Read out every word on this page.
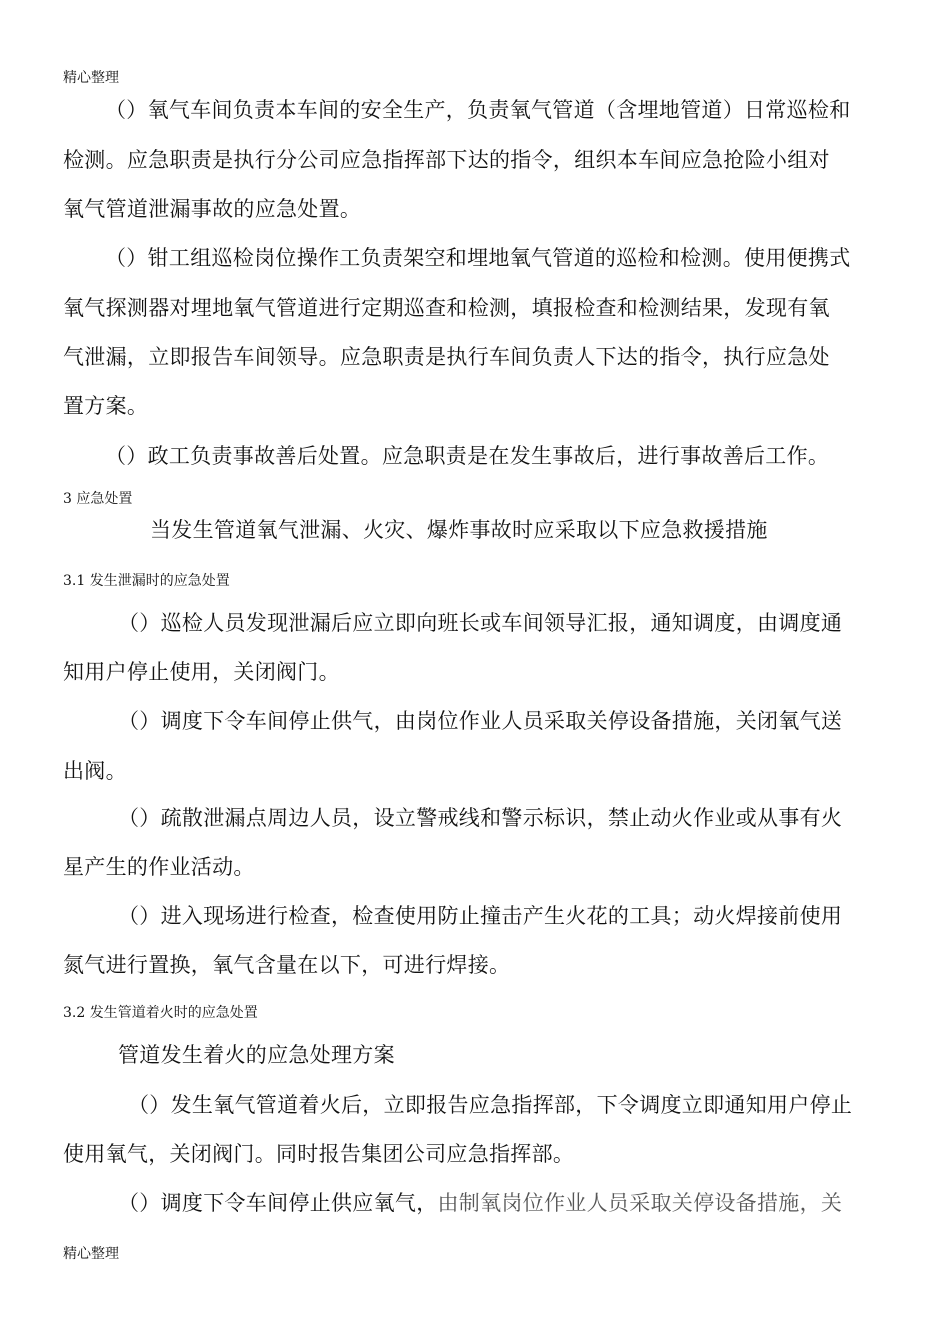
精心整理

（）氧气车间负责本车间的安全生产，负责氧气管道（含埋地管道）日常巡检和

检测。应急职责是执行分公司应急指挥部下达的指令，组织本车间应急抢险小组对

氧气管道泄漏事故的应急处置。

（）钳工组巡检岗位操作工负责架空和埋地氧气管道的巡检和检测。使用便携式

氧气探测器对埋地氧气管道进行定期巡查和检测，填报检查和检测结果，发现有氧

气泄漏，立即报告车间领导。应急职责是执行车间负责人下达的指令，执行应急处

置方案。

（）政工负责事故善后处置。应急职责是在发生事故后，进行事故善后工作。

3 应急处置

当发生管道氧气泄漏、火灾、爆炸事故时应采取以下应急救援措施

3.1 发生泄漏时的应急处置

（）巡检人员发现泄漏后应立即向班长或车间领导汇报，通知调度，由调度通

知用户停止使用，关闭阀门。

（）调度下令车间停止供气，由岗位作业人员采取关停设备措施，关闭氧气送

出阀。

（）疏散泄漏点周边人员，设立警戒线和警示标识，禁止动火作业或从事有火

星产生的作业活动。

（）进入现场进行检查，检查使用防止撞击产生火花的工具；动火焊接前使用

氮气进行置换，氧气含量在以下，可进行焊接。

3.2 发生管道着火时的应急处置

管道发生着火的应急处理方案

（）发生氧气管道着火后，立即报告应急指挥部，下令调度立即通知用户停止

使用氧气，关闭阀门。同时报告集团公司应急指挥部。

（）调度下令车间停止供应氧气，由制氧岗位作业人员采取关停设备措施，关

精心整理
